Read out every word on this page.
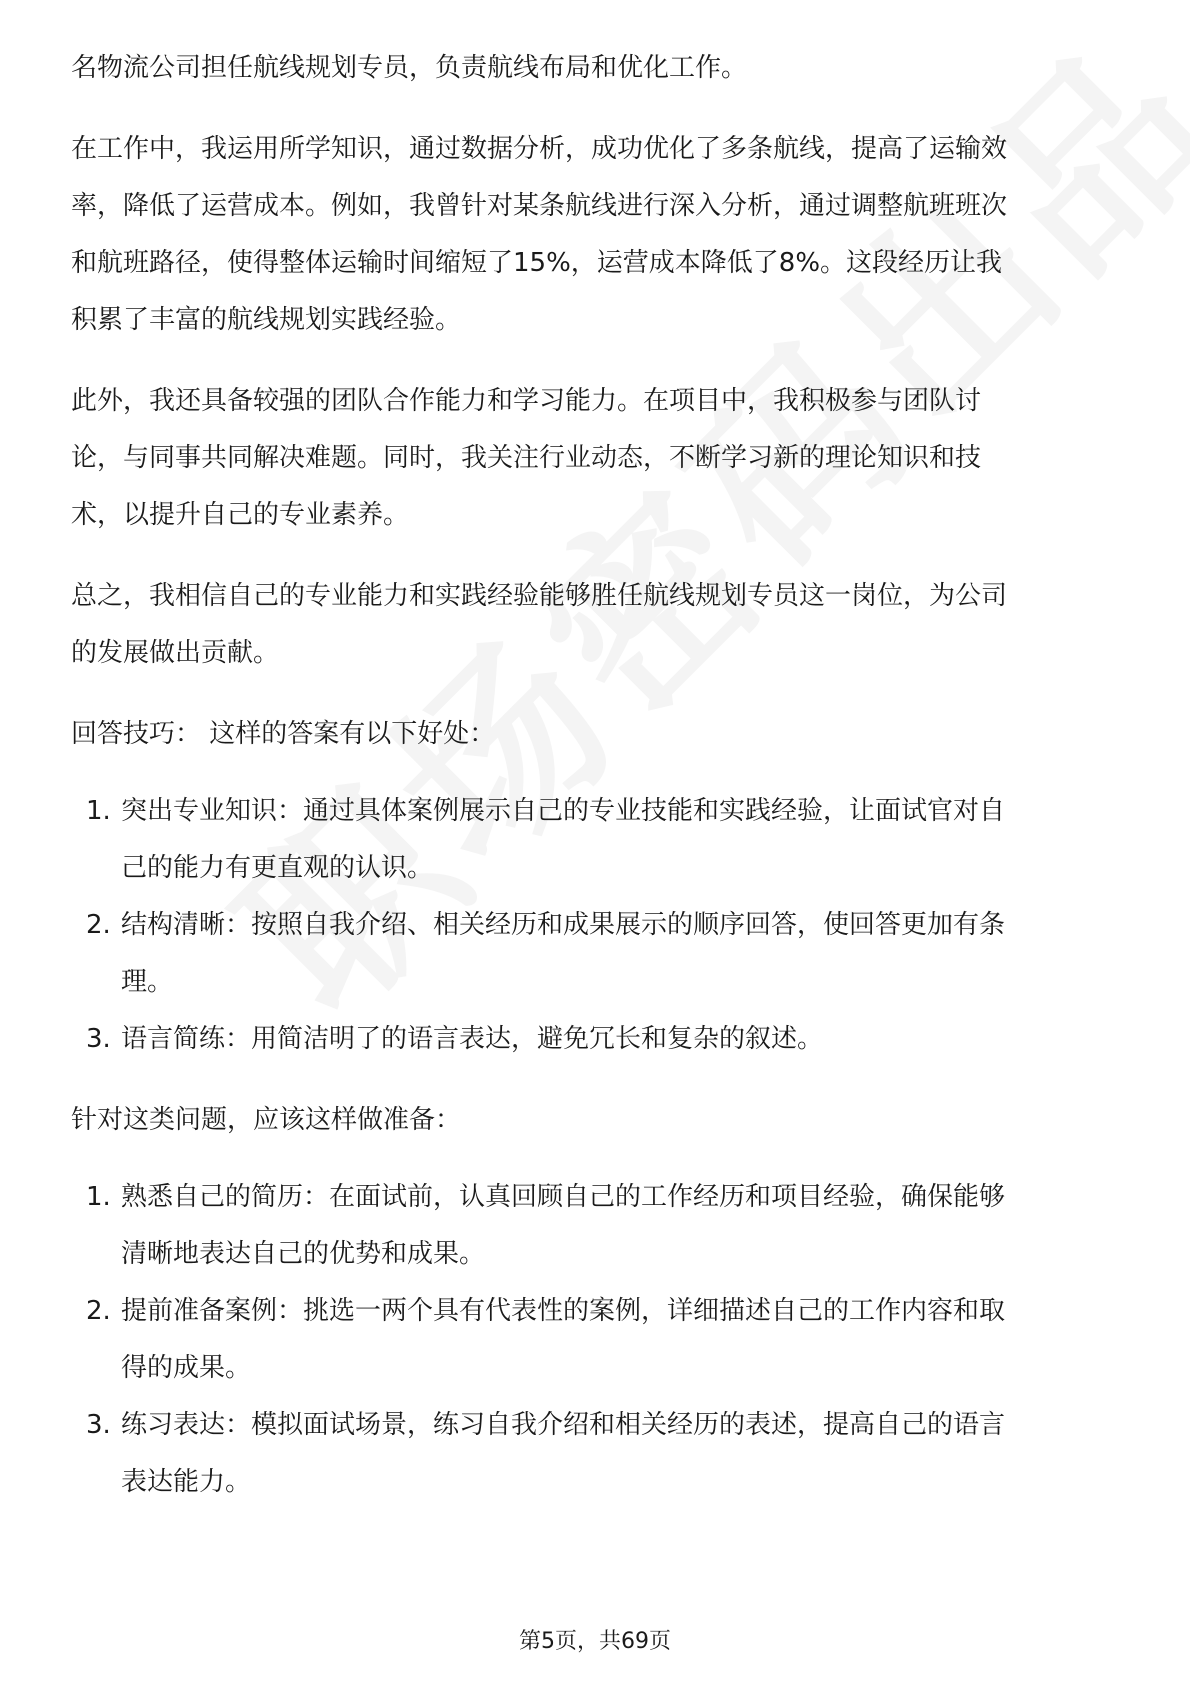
名物流公司担任航线规划专员，负责航线布局和优化工作。

在工作中，我运用所学知识，通过数据分析，成功优化了多条航线，提高了运输效
率，降低了运营成本。例如，我曾针对某条航线进行深入分析，通过调整航班班次
和航班路径，使得整体运输时间缩短了15%，运营成本降低了8%。这段经历让我
积累了丰富的航线规划实践经验。

此外，我还具备较强的团队合作能力和学习能力。在项目中，我积极参与团队讨
论，与同事共同解决难题。同时，我关注行业动态，不断学习新的理论知识和技
术，以提升自己的专业素养。

总之，我相信自己的专业能力和实践经验能够胜任航线规划专员这一岗位，为公司
的发展做出贡献。

回答技巧： 这样的答案有以下好处：

1. 突出专业知识：通过具体案例展示自己的专业技能和实践经验，让面试官对自
己的能力有更直观的认识。
2. 结构清晰：按照自我介绍、相关经历和成果展示的顺序回答，使回答更加有条
理。
3. 语言简练：用简洁明了的语言表达，避免冗长和复杂的叙述。

针对这类问题，应该这样做准备：

1. 熟悉自己的简历：在面试前，认真回顾自己的工作经历和项目经验，确保能够
清晰地表达自己的优势和成果。
2. 提前准备案例：挑选一两个具有代表性的案例，详细描述自己的工作内容和取
得的成果。
3. 练习表达：模拟面试场景，练习自我介绍和相关经历的表述，提高自己的语言
表达能力。
第5页，共69页
